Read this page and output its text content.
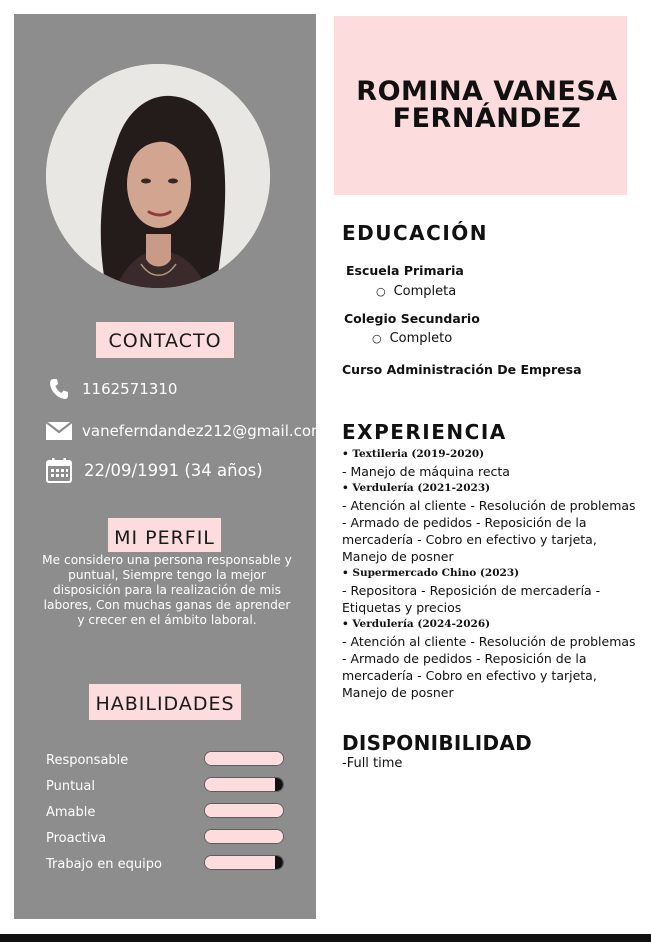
CONTACTO
1162571310
vaneferndandez212@gmail.com
22/09/1991 (34 años)
MI PERFIL
Me considero una persona responsable y puntual, Siempre tengo la mejor disposición para la realización de mis labores, Con muchas ganas de aprender y crecer en el ámbito laboral.
HABILIDADES
Responsable
Puntual
Amable
Proactiva
Trabajo en equipo
ROMINA VANESA FERNÁNDEZ
EDUCACIÓN
Escuela Primaria
○ Completa
Colegio Secundario
○ Completo
Curso Administración De Empresa
EXPERIENCIA
• Textileria (2019-2020)
- Manejo de máquina recta
• Verdulería (2021-2023)
- Atención al cliente - Resolución de problemas
- Armado de pedidos - Reposición de la
mercadería - Cobro en efectivo y tarjeta,
Manejo de posner
• Supermercado Chino (2023)
- Repositora - Reposición de mercadería -
Etiquetas y precios
• Verdulería (2024-2026)
- Atención al cliente - Resolución de problemas
- Armado de pedidos - Reposición de la
mercadería - Cobro en efectivo y tarjeta,
Manejo de posner
DISPONIBILIDAD
-Full time
